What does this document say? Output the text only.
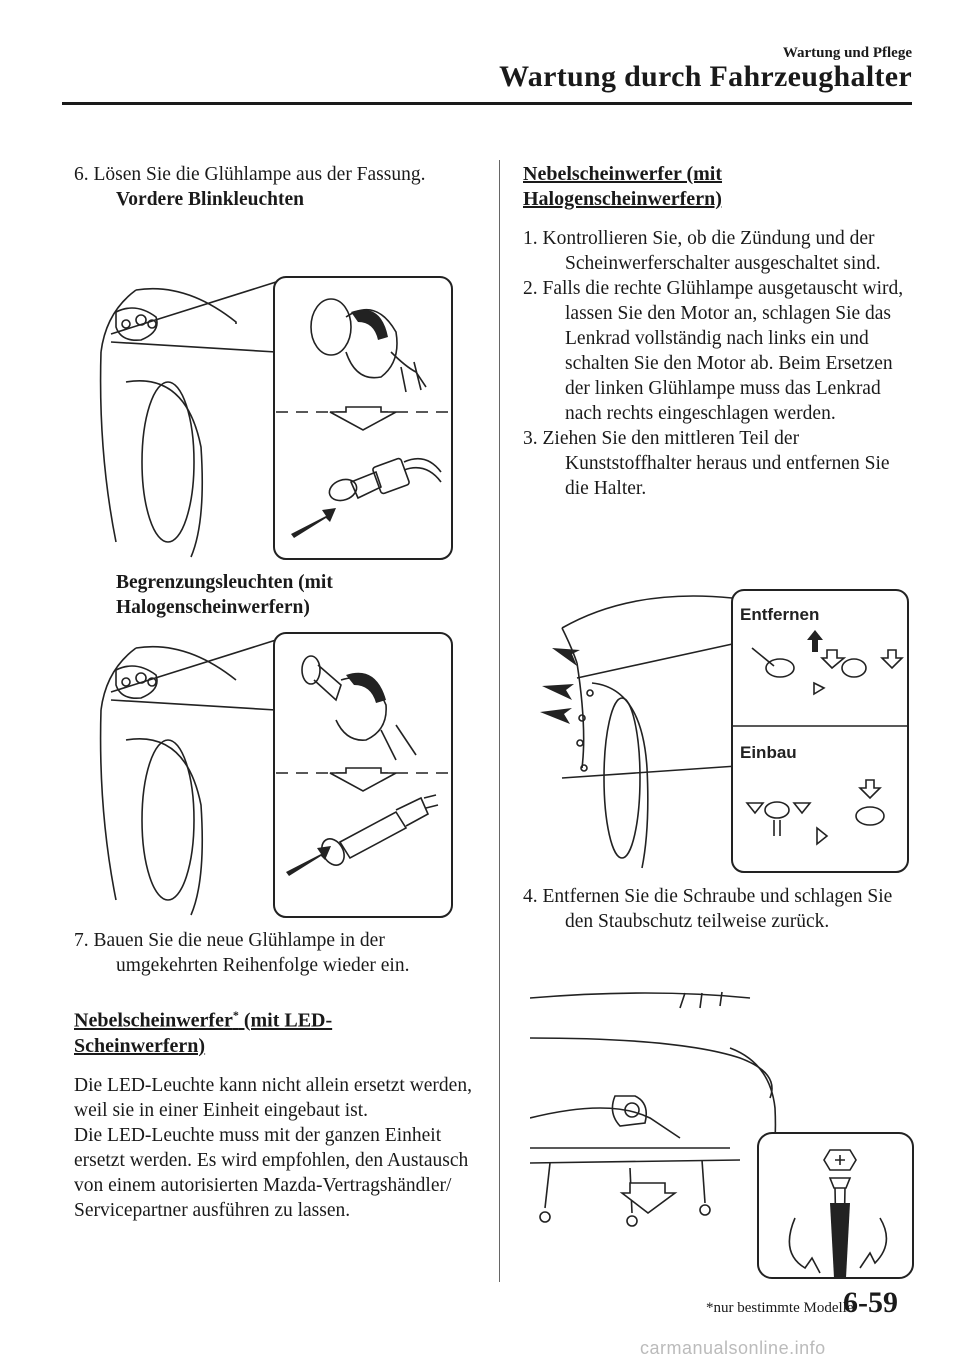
Wartung und Pflege
Wartung durch Fahrzeughalter

6. Lösen Sie die Glühlampe aus der Fassung.

Vordere Blinkleuchten

Begrenzungsleuchten (mit

Halogenscheinwerfern)

7. Bauen Sie die neue Glühlampe in der umgekehrten Reihenfolge wieder ein.

Nebelscheinwerfer* (mit LED-
Scheinwerfern)

Die LED-Leuchte kann nicht allein ersetzt werden, weil sie in einer Einheit eingebaut ist.

Die LED-Leuchte muss mit der ganzen Einheit ersetzt werden. Es wird empfohlen, den Austausch von einem autorisierten Mazda-Vertragshändler/ Servicepartner ausführen zu lassen.

Nebelscheinwerfer (mit
Halogenscheinwerfern)

1. Kontrollieren Sie, ob die Zündung und der Scheinwerferschalter ausgeschaltet sind.

2. Falls die rechte Glühlampe ausgetauscht wird, lassen Sie den Motor an, schlagen Sie das Lenkrad vollständig nach links ein und schalten Sie den Motor ab. Beim Ersetzen der linken Glühlampe muss das Lenkrad nach rechts eingeschlagen werden.

3. Ziehen Sie den mittleren Teil der Kunststoffhalter heraus und entfernen Sie die Halter.

Entfernen
Einbau

4. Entfernen Sie die Schraube und schlagen Sie den Staubschutz teilweise zurück.

*nur bestimmte Modelle
6-59
carmanualsonline.info
